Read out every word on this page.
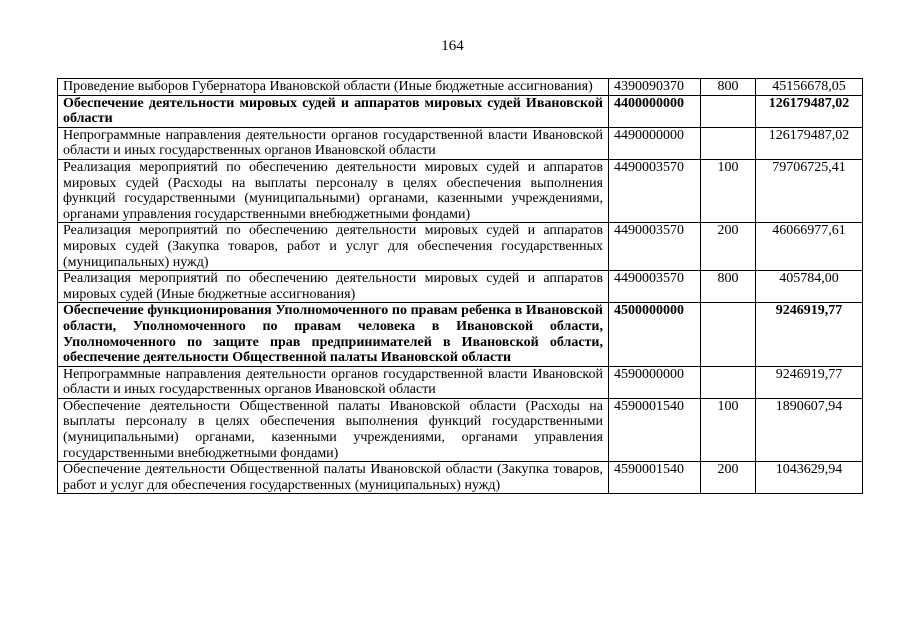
164
Проведение выборов Губернатора Ивановской области (Иные бюджетные ассигнования)	4390090370	800	45156678,05
Обеспечение деятельности мировых судей и аппаратов мировых судей Ивановской области	4400000000		126179487,02
Непрограммные направления деятельности органов государственной власти Ивановской области и иных государственных органов Ивановской области	4490000000		126179487,02
Реализация мероприятий по обеспечению деятельности мировых судей и аппаратов мировых судей (Расходы на выплаты персоналу в целях обеспечения выполнения функций государственными (муниципальными) органами, казенными учреждениями, органами управления государственными внебюджетными фондами)	4490003570	100	79706725,41
Реализация мероприятий по обеспечению деятельности мировых судей и аппаратов мировых судей (Закупка товаров, работ и услуг для обеспечения государственных (муниципальных) нужд)	4490003570	200	46066977,61
Реализация мероприятий по обеспечению деятельности мировых судей и аппаратов мировых судей (Иные бюджетные ассигнования)	4490003570	800	405784,00
Обеспечение функционирования Уполномоченного по правам ребенка в Ивановской области, Уполномоченного по правам человека в Ивановской области, Уполномоченного по защите прав предпринимателей в Ивановской области, обеспечение деятельности Общественной палаты Ивановской области	4500000000		9246919,77
Непрограммные направления деятельности органов государственной власти Ивановской области и иных государственных органов Ивановской области	4590000000		9246919,77
Обеспечение деятельности Общественной палаты Ивановской области (Расходы на выплаты персоналу в целях обеспечения выполнения функций государственными (муниципальными) органами, казенными учреждениями, органами управления государственными внебюджетными фондами)	4590001540	100	1890607,94
Обеспечение деятельности Общественной палаты Ивановской области (Закупка товаров, работ и услуг для обеспечения государственных (муниципальных) нужд)	4590001540	200	1043629,94
